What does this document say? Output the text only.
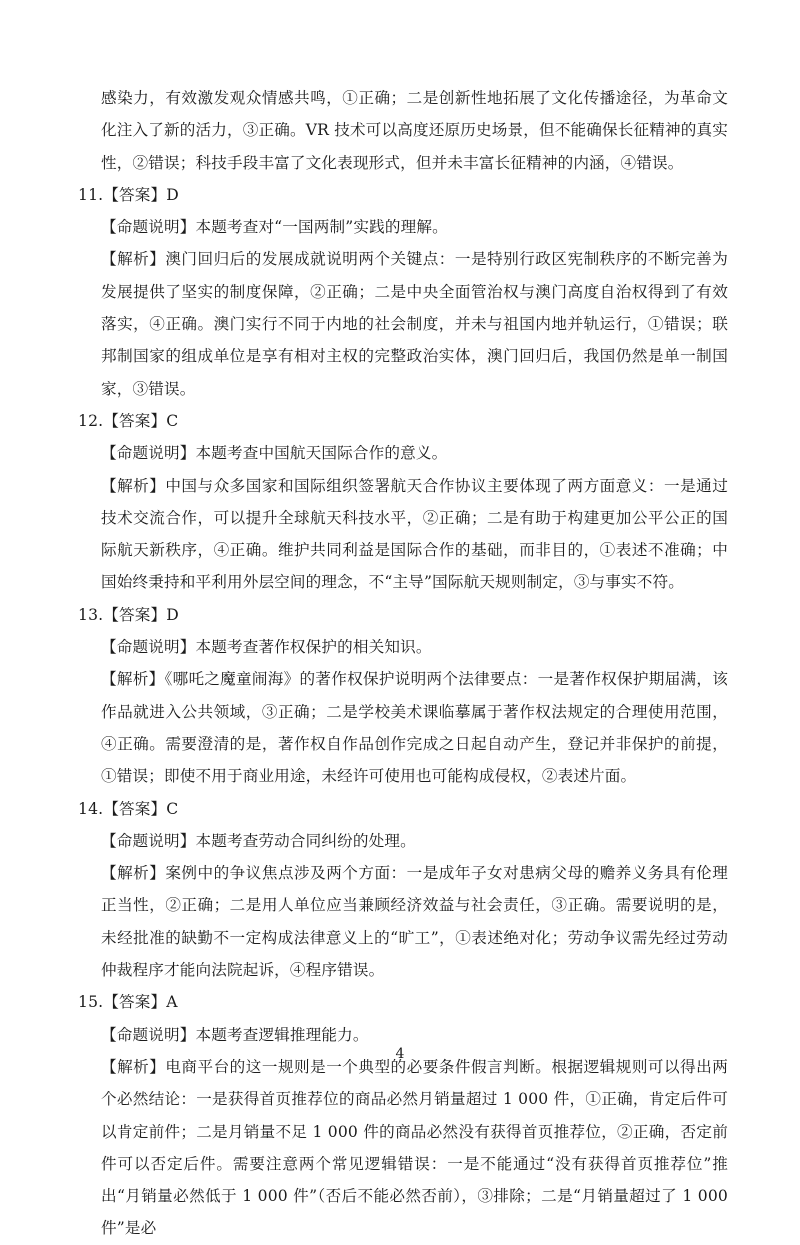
感染力，有效激发观众情感共鸣，①正确；二是创新性地拓展了文化传播途径，为革命文化注入了新的活力，③正确。VR 技术可以高度还原历史场景，但不能确保长征精神的真实性，②错误；科技手段丰富了文化表现形式，但并未丰富长征精神的内涵，④错误。

11.【答案】D

【命题说明】本题考查对“一国两制”实践的理解。

【解析】澳门回归后的发展成就说明两个关键点：一是特别行政区宪制秩序的不断完善为发展提供了坚实的制度保障，②正确；二是中央全面管治权与澳门高度自治权得到了有效落实，④正确。澳门实行不同于内地的社会制度，并未与祖国内地并轨运行，①错误；联邦制国家的组成单位是享有相对主权的完整政治实体，澳门回归后，我国仍然是单一制国家，③错误。

12.【答案】C

【命题说明】本题考查中国航天国际合作的意义。

【解析】中国与众多国家和国际组织签署航天合作协议主要体现了两方面意义：一是通过技术交流合作，可以提升全球航天科技水平，②正确；二是有助于构建更加公平公正的国际航天新秩序，④正确。维护共同利益是国际合作的基础，而非目的，①表述不准确；中国始终秉持和平利用外层空间的理念，不“主导”国际航天规则制定，③与事实不符。

13.【答案】D

【命题说明】本题考查著作权保护的相关知识。

【解析】《哪吒之魔童闹海》的著作权保护说明两个法律要点：一是著作权保护期届满，该作品就进入公共领域，③正确；二是学校美术课临摹属于著作权法规定的合理使用范围，④正确。需要澄清的是，著作权自作品创作完成之日起自动产生，登记并非保护的前提，①错误；即使不用于商业用途，未经许可使用也可能构成侵权，②表述片面。

14.【答案】C

【命题说明】本题考查劳动合同纠纷的处理。

【解析】案例中的争议焦点涉及两个方面：一是成年子女对患病父母的赡养义务具有伦理正当性，②正确；二是用人单位应当兼顾经济效益与社会责任，③正确。需要说明的是，未经批准的缺勤不一定构成法律意义上的“旷工”，①表述绝对化；劳动争议需先经过劳动仲裁程序才能向法院起诉，④程序错误。

15.【答案】A

【命题说明】本题考查逻辑推理能力。

【解析】电商平台的这一规则是一个典型的必要条件假言判断。根据逻辑规则可以得出两个必然结论：一是获得首页推荐位的商品必然月销量超过 1 000 件，①正确，肯定后件可以肯定前件；二是月销量不足 1 000 件的商品必然没有获得首页推荐位，②正确，否定前件可以否定后件。需要注意两个常见逻辑错误：一是不能通过“没有获得首页推荐位”推出“月销量必然低于 1 000 件”（否后不能必然否前），③排除；二是“月销量超过了 1 000 件”是必

4
